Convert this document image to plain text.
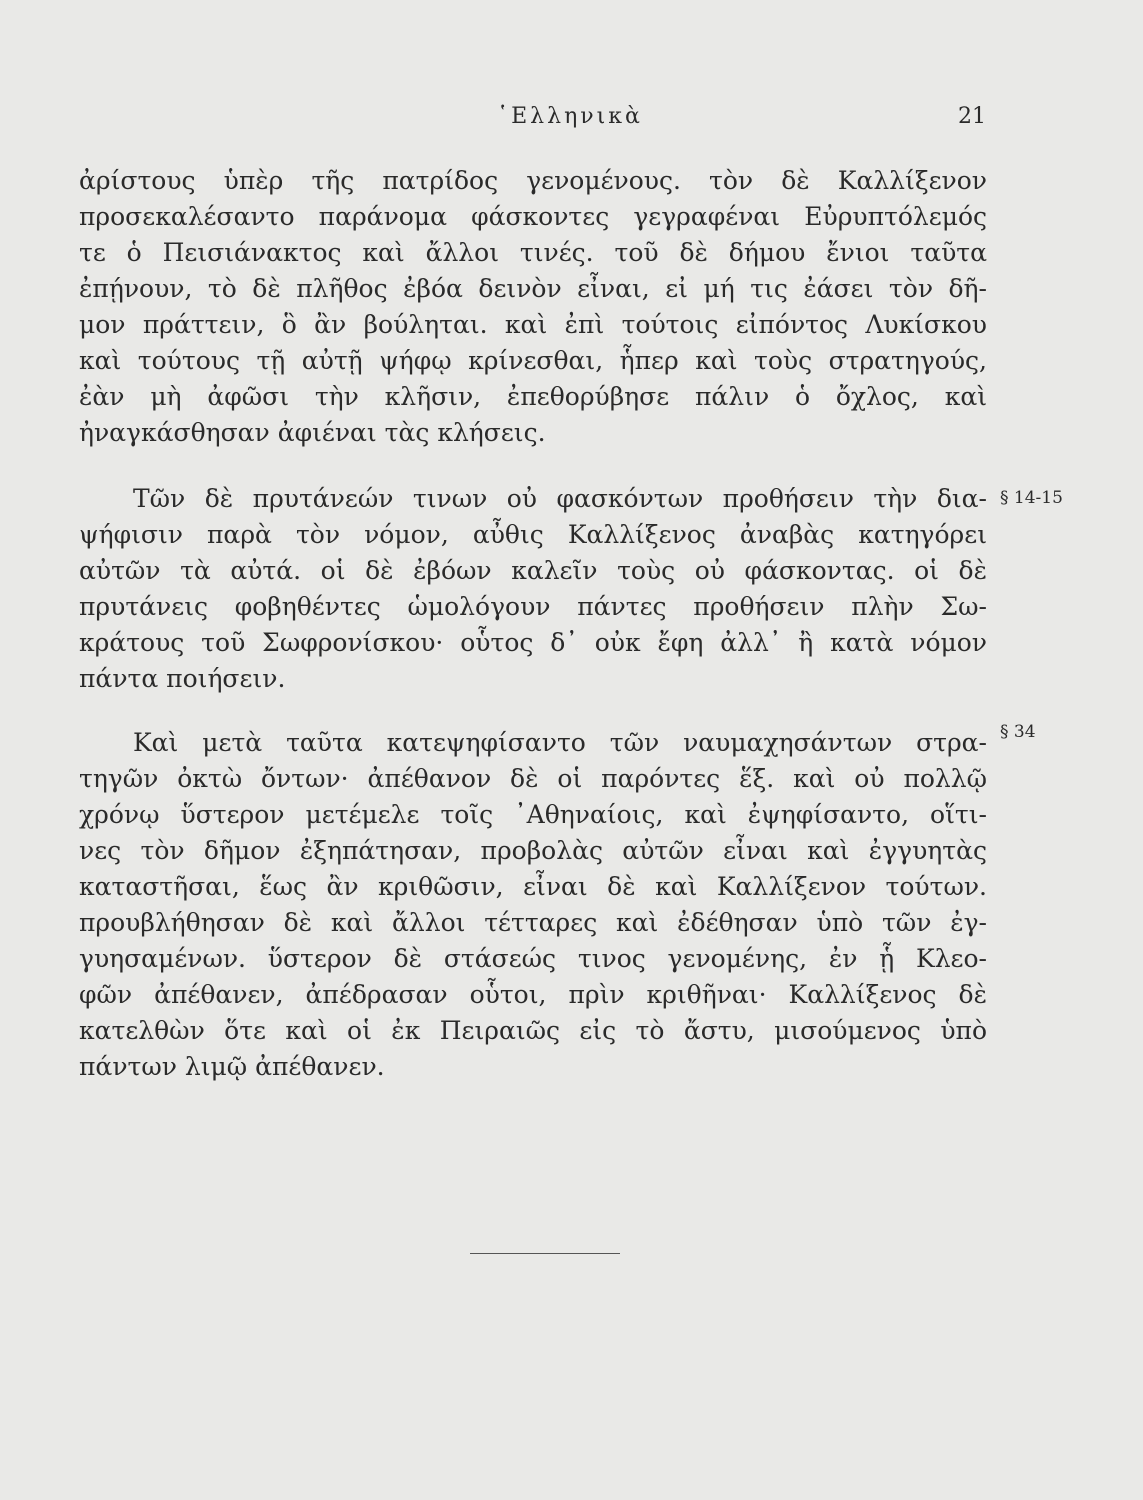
῾Ελληνικὰ	21
ἀρίστους ὑπὲρ τῆς πατρίδος γενομένους. τὸν δὲ Καλλίξενον
προσεκαλέσαντο παράνομα φάσκοντες γεγραφέναι Εὐρυπτόλεμός
τε ὁ Πεισιάνακτος καὶ ἄλλοι τινές. τοῦ δὲ δήμου ἔνιοι ταῦτα
ἐπῄνουν, τὸ δὲ πλῆθος ἐβόα δεινὸν εἶναι, εἰ μή τις ἐάσει τὸν δῆ-
μον πράττειν, ὃ ἂν βούληται. καὶ ἐπὶ τούτοις εἰπόντος Λυκίσκου
καὶ τούτους τῇ αὐτῇ ψήφῳ κρίνεσθαι, ἧπερ καὶ τοὺς στρατηγούς,
ἐὰν μὴ ἀφῶσι τὴν κλῆσιν, ἐπεθορύβησε πάλιν ὁ ὄχλος, καὶ
ἠναγκάσθησαν ἀφιέναι τὰς κλήσεις.
Τῶν δὲ πρυτάνεών τινων οὐ φασκόντων προθήσειν τὴν δια-
ψήφισιν παρὰ τὸν νόμον, αὖθις Καλλίξενος ἀναβὰς κατηγόρει
αὐτῶν τὰ αὐτά. οἱ δὲ ἐβόων καλεῖν τοὺς οὐ φάσκοντας. οἱ δὲ
πρυτάνεις φοβηθέντες ὡμολόγουν πάντες προθήσειν πλὴν Σω-
κράτους τοῦ Σωφρονίσκου· οὗτος δ᾽ οὐκ ἔφη ἀλλ᾽ ἢ κατὰ νόμον
πάντα ποιήσειν.
Καὶ μετὰ ταῦτα κατεψηφίσαντο τῶν ναυμαχησάντων στρα-
τηγῶν ὀκτὼ ὄντων· ἀπέθανον δὲ οἱ παρόντες ἕξ. καὶ οὐ πολλῷ
χρόνῳ ὕστερον μετέμελε τοῖς ᾿Αθηναίοις, καὶ ἐψηφίσαντο, οἵτι-
νες τὸν δῆμον ἐξηπάτησαν, προβολὰς αὐτῶν εἶναι καὶ ἐγγυητὰς
καταστῆσαι, ἕως ἂν κριθῶσιν, εἶναι δὲ καὶ Καλλίξενον τούτων.
προυβλήθησαν δὲ καὶ ἄλλοι τέτταρες καὶ ἐδέθησαν ὑπὸ τῶν ἐγ-
γυησαμένων. ὕστερον δὲ στάσεώς τινος γενομένης, ἐν ᾗ Κλεο-
φῶν ἀπέθανεν, ἀπέδρασαν οὗτοι, πρὶν κριθῆναι· Καλλίξενος δὲ
κατελθὼν ὅτε καὶ οἱ ἐκ Πειραιῶς εἰς τὸ ἄστυ, μισούμενος ὑπὸ
πάντων λιμῷ ἀπέθανεν.
§ 14-15
§ 34
